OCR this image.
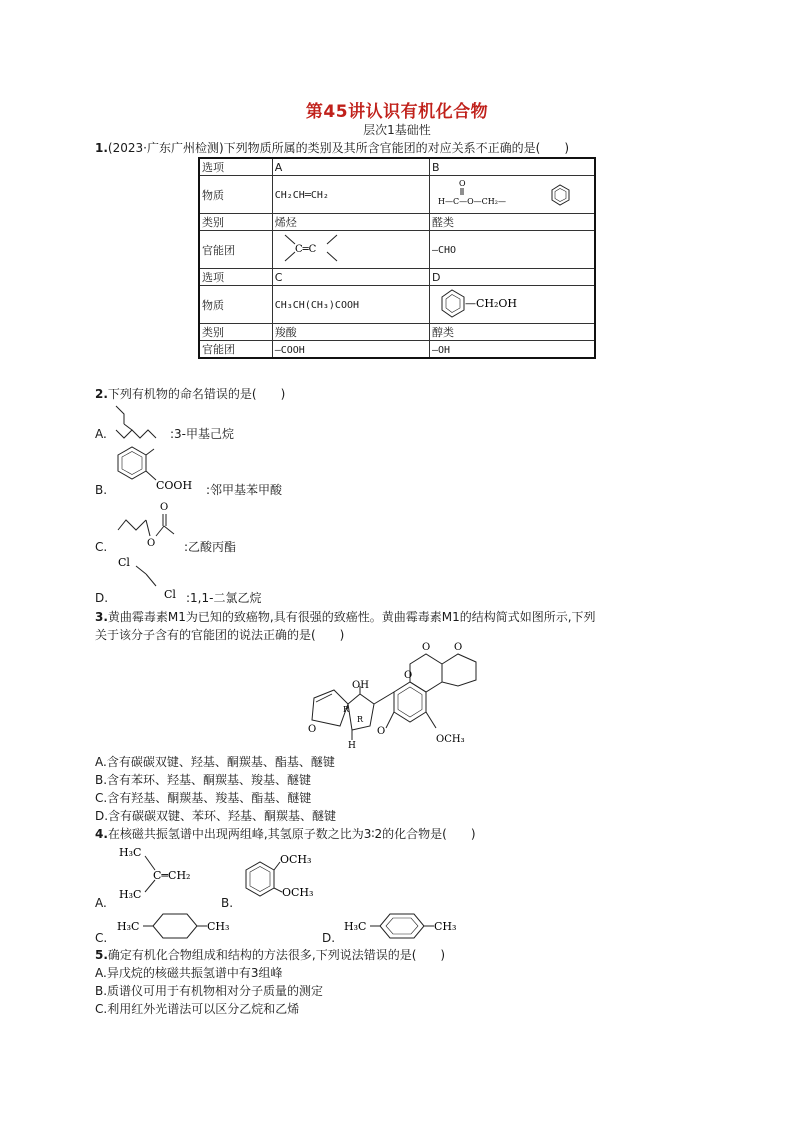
第45讲认识有机化合物
层次1基础性
1.(2023·广东广州检测)下列物质所属的类别及其所含官能团的对应关系不正确的是(　　)
选项	A	B
物质	CH₂CH═CH₂	O
H—C—O—CH₂—

类别	烯烃	醛类
官能团	C═C	—CHO
选项	C	D
物质	CH₃CH(CH₃)COOH	—CH₂OH

类别	羧酸	醇类
官能团	—COOH	—OH
2.下列有机物的命名错误的是(　　)
A.	:3-甲基己烷
B.	COOH :邻甲基苯甲酸
C.	O
O
:乙酸丙酯
D.
Cl
Cl :1,1-二氯乙烷
3.黄曲霉毒素M1为已知的致癌物,具有很强的致癌性。黄曲霉毒素M1的结构简式如图所示,下列
关于该分子含有的官能团的说法正确的是(　　)
O
OH
R
R
H
O
O
O O
OCH₃
A.含有碳碳双键、羟基、酮羰基、酯基、醚键
B.含有苯环、羟基、酮羰基、羧基、醚键
C.含有羟基、酮羰基、羧基、酯基、醚键
D.含有碳碳双键、苯环、羟基、酮羰基、醚键
4.在核磁共振氢谱中出现两组峰,其氢原子数之比为3∶2的化合物是(　　)
A.
H₃C
H₃C
C═CH₂
B.
OCH₃
OCH₃
C.
H₃C	CH₃
D.
H₃C	CH₃
5.确定有机化合物组成和结构的方法很多,下列说法错误的是(　　)
A.异戊烷的核磁共振氢谱中有3组峰
B.质谱仪可用于有机物相对分子质量的测定
C.利用红外光谱法可以区分乙烷和乙烯
